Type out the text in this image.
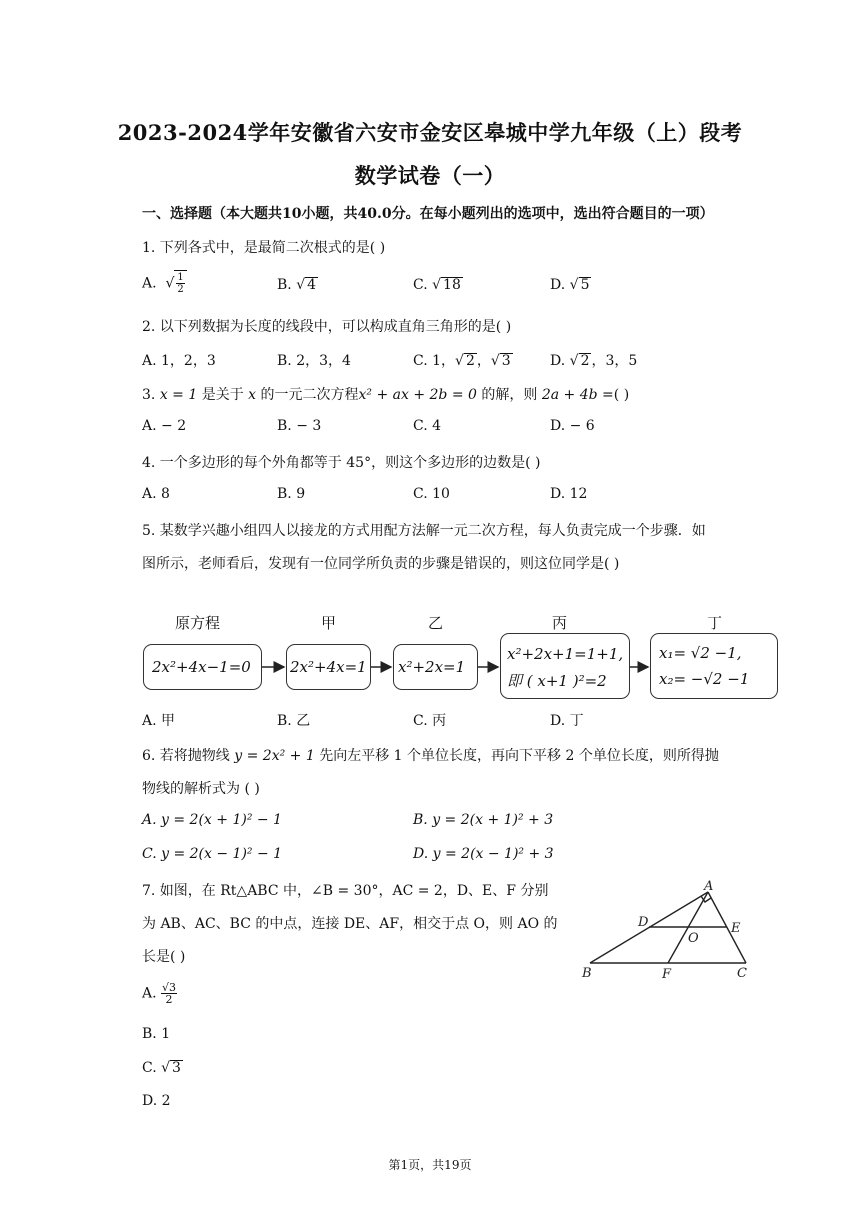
2023-2024学年安徽省六安市金安区皋城中学九年级（上）段考
数学试卷（一）
一、选择题（本大题共10小题，共40.0分。在每小题列出的选项中，选出符合题目的一项）
1. 下列各式中，是最简二次根式的是( )
A.  √ $\frac{1}{2}$	B. √ 4	C. √ 18	D. √ 5
2. 以下列数据为长度的线段中，可以构成直角三角形的是( )
A. 1，2，3	B. 2，3，4	C. 1，√ 2 ，√ 3	D. √ 2 ，3，5
3. x = 1 是关于 x 的一元二次方程x² + ax + 2b = 0 的解，则 2a + 4b =( )
A. − 2	B. − 3	C. 4	D. − 6
4. 一个多边形的每个外角都等于 45°，则这个多边形的边数是( )
A. 8	B. 9	C. 10	D. 12
5. 某数学兴趣小组四人以接龙的方式用配方法解一元二次方程，每人负责完成一个步骤．如
图所示，老师看后，发现有一位同学所负责的步骤是错误的，则这位同学是( )
原方程	甲	乙	丙	丁
2x²+4x−1=0	2x²+4x=1 x²+2x=1
x²+2x+1=1+1,
即 ( x+1 )²=2
x₁= √2 −1,
x₂= −√2 −1
A. 甲	B. 乙	C. 丙	D. 丁
6. 若将抛物线 y = 2x² + 1 先向左平移 1 个单位长度，再向下平移 2 个单位长度，则所得抛
物线的解析式为 ( )
A. y = 2(x + 1)² − 1	B. y = 2(x + 1)² + 3
C. y = 2(x − 1)² − 1	D. y = 2(x − 1)² + 3
7. 如图，在 Rt△ABC 中，∠B = 30°，AC = 2，D、E、F 分别
为 AB、AC、BC 的中点，连接 DE、AF，相交于点 O，则 AO 的
长是( )
A. $\frac{√3}{2}$
B. 1
C. √ 3
D. 2
A
B	C
D	E
F
O
第1页，共19页
